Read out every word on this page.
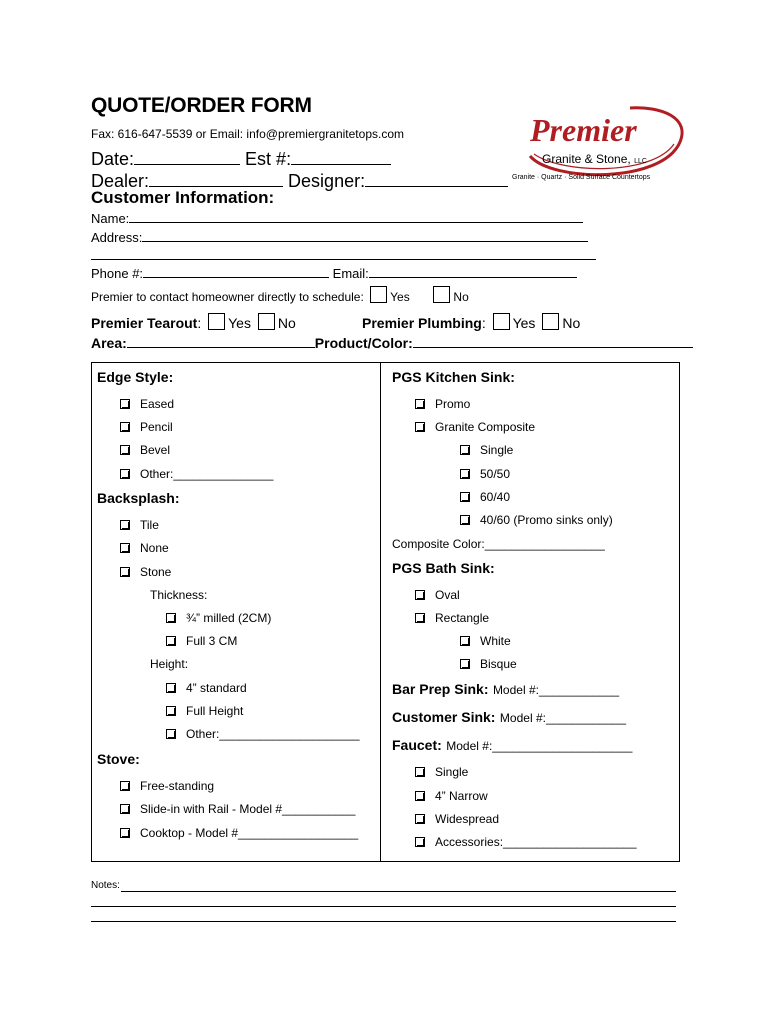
QUOTE/ORDER FORM
Fax: 616-647-5539 or Email: info@premiergranitetops.com
Date:	Est #:
Dealer:	Designer:
Premier
Granite & Stone, LLC
Granite · Quartz · Solid Surface Countertops
Customer Information:
Name:
Address:
Phone #:	Email:
Premier to contact homeowner directly to schedule: Yes	No
Premier Tearout: Yes No	Premier Plumbing: Yes No
Area:	Product/Color:
Edge Style:
Eased
Pencil
Bevel
Other:_______________
Backsplash:
Tile
None
Stone
Thickness:
¾” milled (2CM)
Full 3 CM
Height:
4” standard
Full Height
Other:_____________________
Stove:
Free-standing
Slide-in with Rail - Model #___________
Cooktop - Model #__________________
PGS Kitchen Sink:
Promo
Granite Composite
Single
50/50
60/40
40/60 (Promo sinks only)
Composite Color:__________________
PGS Bath Sink:
Oval
Rectangle
White
Bisque
Bar Prep Sink: Model #:____________
Customer Sink: Model #:____________
Faucet: Model #:_____________________
Single
4” Narrow
Widespread
Accessories:____________________
Notes:
